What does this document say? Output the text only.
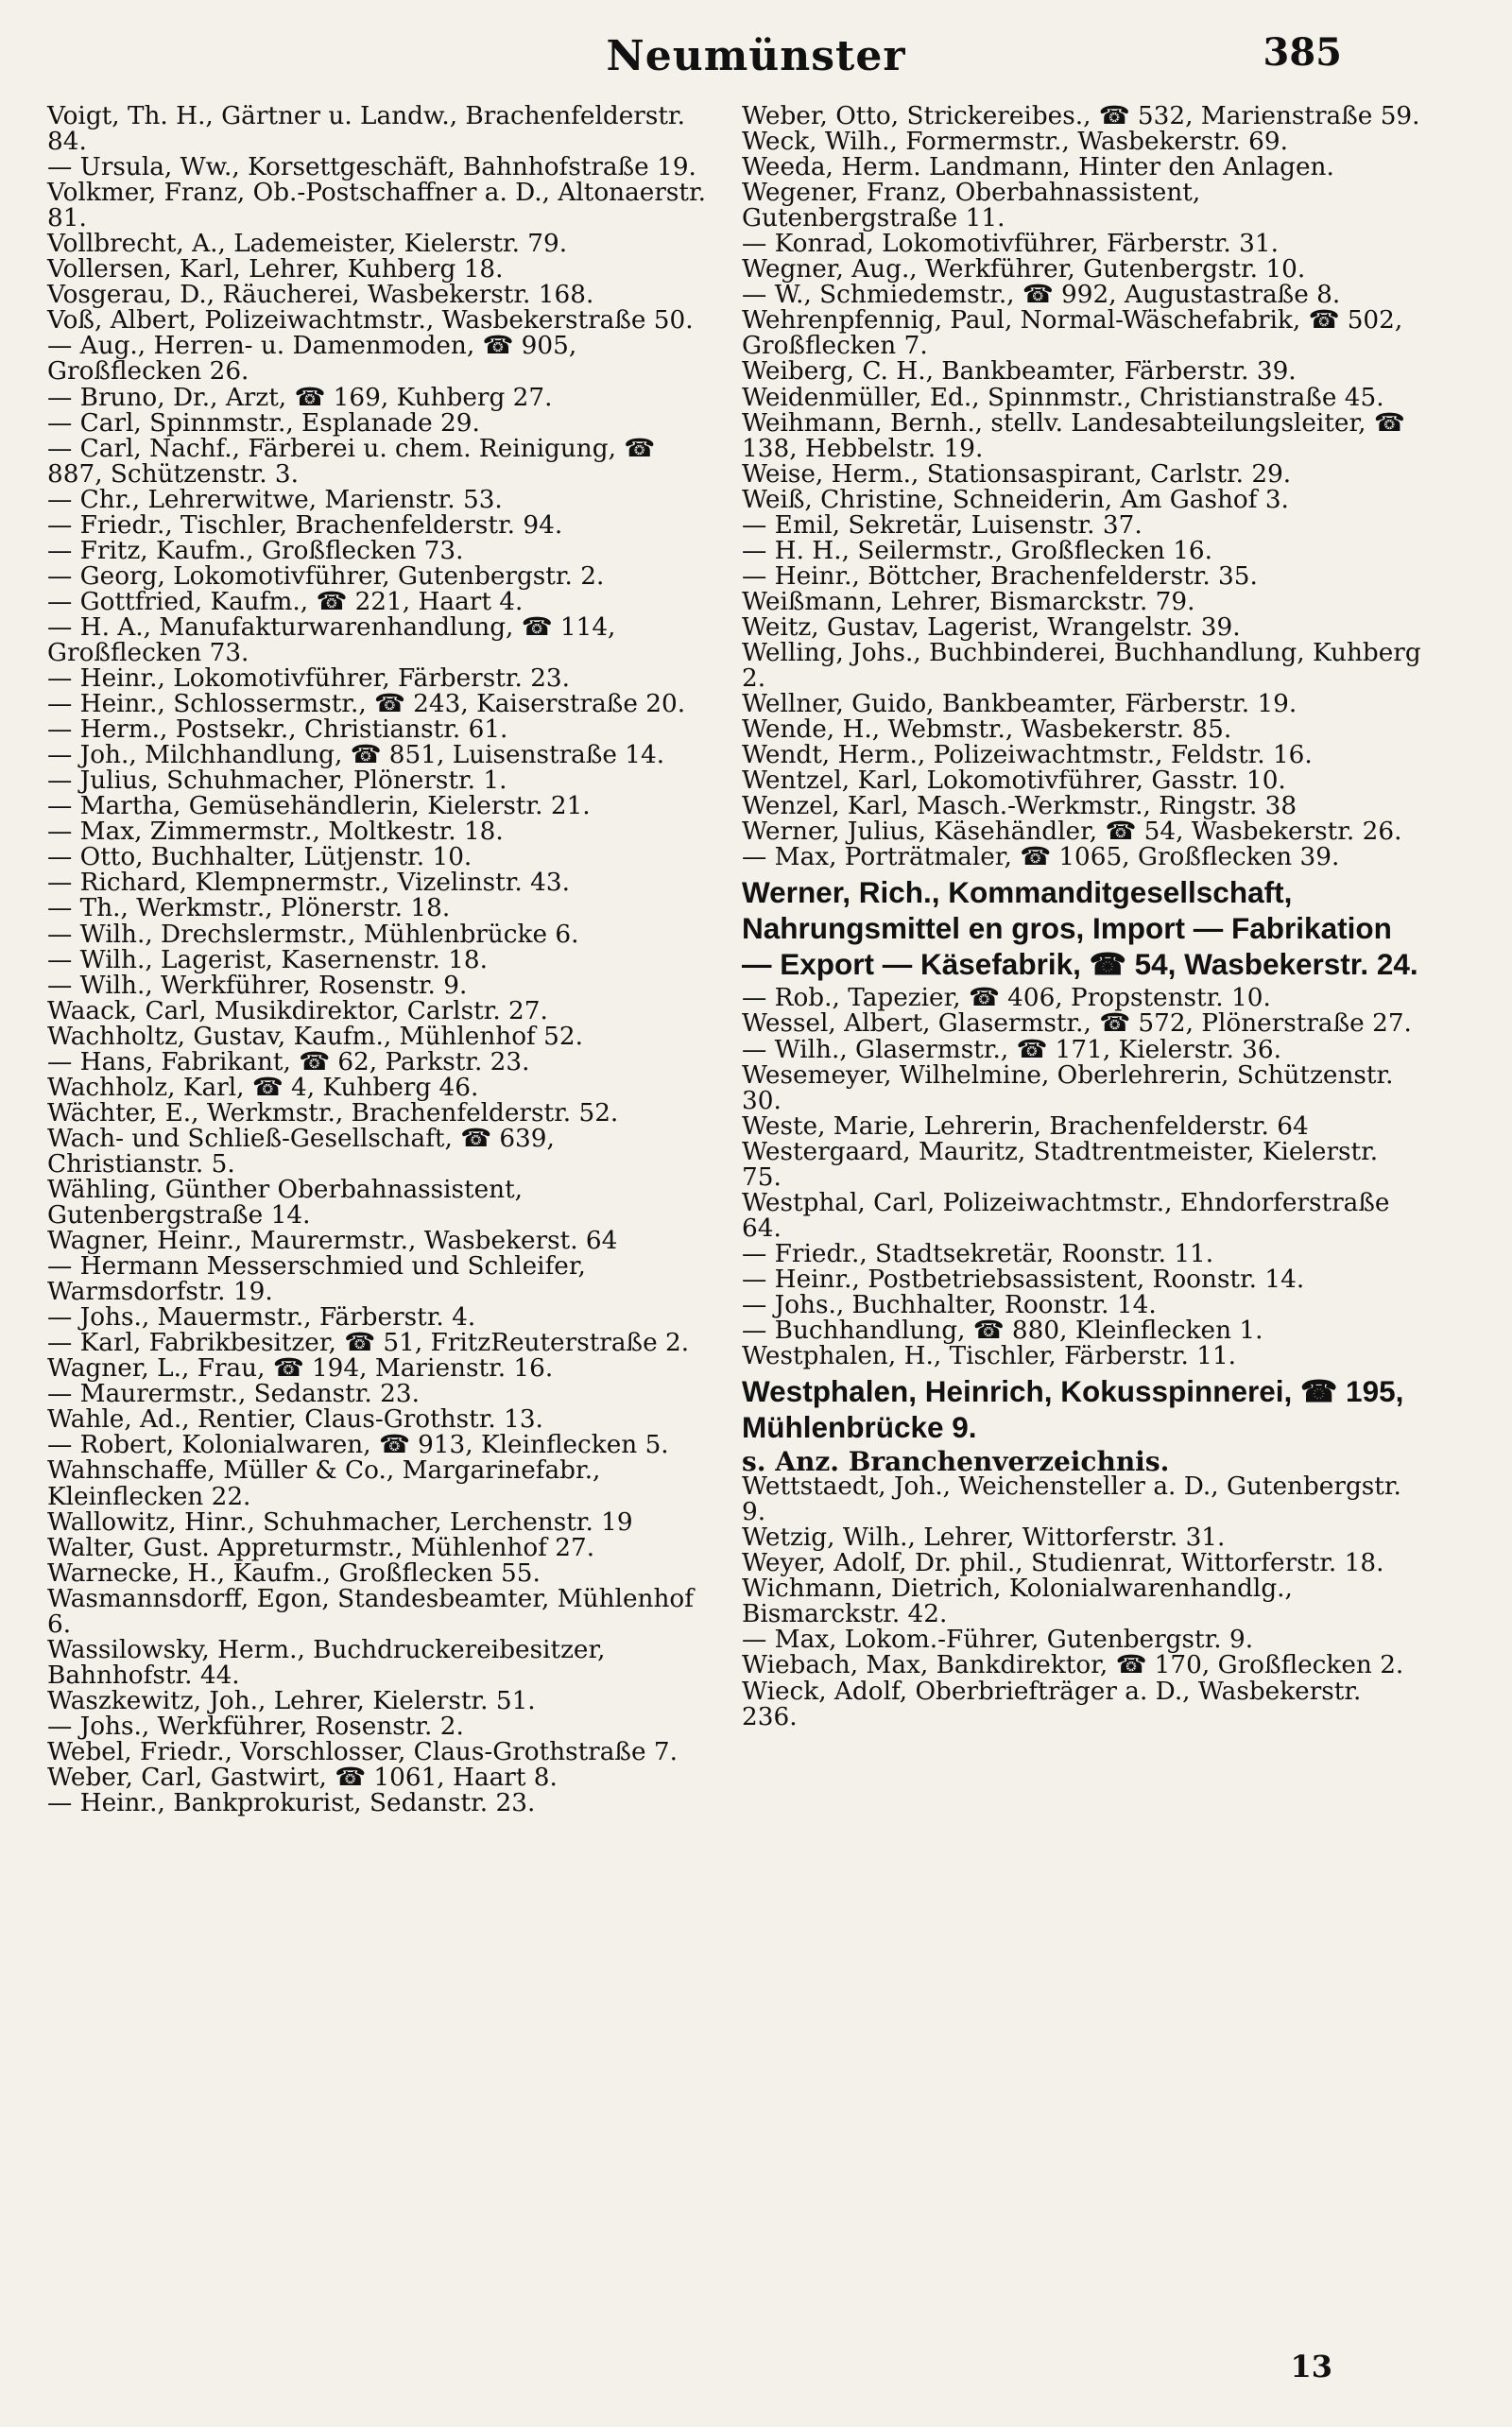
Neumünster	385
Voigt, Th. H., Gärtner u. Landw., Brachenfelderstr. 84.
— Ursula, Ww., Korsettgeschäft, Bahnhofstraße 19.
Volkmer, Franz, Ob.-Postschaffner a. D., Altonaerstr. 81.
Vollbrecht, A., Lademeister, Kielerstr. 79.
Vollersen, Karl, Lehrer, Kuhberg 18.
Vosgerau, D., Räucherei, Wasbekerstr. 168.
Voß, Albert, Polizeiwachtmstr., Wasbekerstraße 50.
— Aug., Herren- u. Damenmoden, ☎ 905, Großflecken 26.
— Bruno, Dr., Arzt, ☎ 169, Kuhberg 27.
— Carl, Spinnmstr., Esplanade 29.
— Carl, Nachf., Färberei u. chem. Reinigung, ☎ 887, Schützenstr. 3.
— Chr., Lehrerwitwe, Marienstr. 53.
— Friedr., Tischler, Brachenfelderstr. 94.
— Fritz, Kaufm., Großflecken 73.
— Georg, Lokomotivführer, Gutenbergstr. 2.
— Gottfried, Kaufm., ☎ 221, Haart 4.
— H. A., Manufakturwarenhandlung, ☎ 114, Großflecken 73.
— Heinr., Lokomotivführer, Färberstr. 23.
— Heinr., Schlossermstr., ☎ 243, Kaiserstraße 20.
— Herm., Postsekr., Christianstr. 61.
— Joh., Milchhandlung, ☎ 851, Luisenstraße 14.
— Julius, Schuhmacher, Plönerstr. 1.
— Martha, Gemüsehändlerin, Kielerstr. 21.
— Max, Zimmermstr., Moltkestr. 18.
— Otto, Buchhalter, Lütjenstr. 10.
— Richard, Klempnermstr., Vizelinstr. 43.
— Th., Werkmstr., Plönerstr. 18.
— Wilh., Drechslermstr., Mühlenbrücke 6.
— Wilh., Lagerist, Kasernenstr. 18.
— Wilh., Werkführer, Rosenstr. 9.
Waack, Carl, Musikdirektor, Carlstr. 27.
Wachholtz, Gustav, Kaufm., Mühlenhof 52.
— Hans, Fabrikant, ☎ 62, Parkstr. 23.
Wachholz, Karl, ☎ 4, Kuhberg 46.
Wächter, E., Werkmstr., Brachenfelderstr. 52.
Wach- und Schließ-Gesellschaft, ☎ 639, Christianstr. 5.
Wähling, Günther Oberbahnassistent, Gutenbergstraße 14.
Wagner, Heinr., Maurermstr., Wasbekerst. 64
— Hermann Messerschmied und Schleifer, Warmsdorfstr. 19.
— Johs., Mauermstr., Färberstr. 4.
— Karl, Fabrikbesitzer, ☎ 51, FritzReuterstraße 2.
Wagner, L., Frau, ☎ 194, Marienstr. 16.
— Maurermstr., Sedanstr. 23.
Wahle, Ad., Rentier, Claus-Grothstr. 13.
— Robert, Kolonialwaren, ☎ 913, Kleinflecken 5.
Wahnschaffe, Müller & Co., Margarinefabr., Kleinflecken 22.
Wallowitz, Hinr., Schuhmacher, Lerchenstr. 19
Walter, Gust. Appreturmstr., Mühlenhof 27.
Warnecke, H., Kaufm., Großflecken 55.
Wasmannsdorff, Egon, Standesbeamter, Mühlenhof 6.
Wassilowsky, Herm., Buchdruckereibesitzer, Bahnhofstr. 44.
Waszkewitz, Joh., Lehrer, Kielerstr. 51.
— Johs., Werkführer, Rosenstr. 2.
Webel, Friedr., Vorschlosser, Claus-Grothstraße 7.
Weber, Carl, Gastwirt, ☎ 1061, Haart 8.
— Heinr., Bankprokurist, Sedanstr. 23.
Weber, Otto, Strickereibes., ☎ 532, Marienstraße 59.
Weck, Wilh., Formermstr., Wasbekerstr. 69.
Weeda, Herm. Landmann, Hinter den Anlagen.
Wegener, Franz, Oberbahnassistent, Gutenbergstraße 11.
— Konrad, Lokomotivführer, Färberstr. 31.
Wegner, Aug., Werkführer, Gutenbergstr. 10.
— W., Schmiedemstr., ☎ 992, Augustastraße 8.
Wehrenpfennig, Paul, Normal-Wäschefabrik, ☎ 502, Großflecken 7.
Weiberg, C. H., Bankbeamter, Färberstr. 39.
Weidenmüller, Ed., Spinnmstr., Christianstraße 45.
Weihmann, Bernh., stellv. Landesabteilungsleiter, ☎ 138, Hebbelstr. 19.
Weise, Herm., Stationsaspirant, Carlstr. 29.
Weiß, Christine, Schneiderin, Am Gashof 3.
— Emil, Sekretär, Luisenstr. 37.
— H. H., Seilermstr., Großflecken 16.
— Heinr., Böttcher, Brachenfelderstr. 35.
Weißmann, Lehrer, Bismarckstr. 79.
Weitz, Gustav, Lagerist, Wrangelstr. 39.
Welling, Johs., Buchbinderei, Buchhandlung, Kuhberg 2.
Wellner, Guido, Bankbeamter, Färberstr. 19.
Wende, H., Webmstr., Wasbekerstr. 85.
Wendt, Herm., Polizeiwachtmstr., Feldstr. 16.
Wentzel, Karl, Lokomotivführer, Gasstr. 10.
Wenzel, Karl, Masch.-Werkmstr., Ringstr. 38
Werner, Julius, Käsehändler, ☎ 54, Wasbekerstr. 26.
— Max, Porträtmaler, ☎ 1065, Großflecken 39.
Werner, Rich., Kommanditgesellschaft, Nahrungsmittel en gros, Import — Fabrikation — Export — Käsefabrik, ☎ 54, Wasbekerstr. 24.
— Rob., Tapezier, ☎ 406, Propstenstr. 10.
Wessel, Albert, Glasermstr., ☎ 572, Plönerstraße 27.
— Wilh., Glasermstr., ☎ 171, Kielerstr. 36.
Wesemeyer, Wilhelmine, Oberlehrerin, Schützenstr. 30.
Weste, Marie, Lehrerin, Brachenfelderstr. 64
Westergaard, Mauritz, Stadtrentmeister, Kielerstr. 75.
Westphal, Carl, Polizeiwachtmstr., Ehndorferstraße 64.
— Friedr., Stadtsekretär, Roonstr. 11.
— Heinr., Postbetriebsassistent, Roonstr. 14.
— Johs., Buchhalter, Roonstr. 14.
— Buchhandlung, ☎ 880, Kleinflecken 1.
Westphalen, H., Tischler, Färberstr. 11.
Westphalen, Heinrich, Kokusspinnerei, ☎ 195, Mühlenbrücke 9.
s. Anz. Branchenverzeichnis.
Wettstaedt, Joh., Weichensteller a. D., Gutenbergstr. 9.
Wetzig, Wilh., Lehrer, Wittorferstr. 31.
Weyer, Adolf, Dr. phil., Studienrat, Wittorferstr. 18.
Wichmann, Dietrich, Kolonialwarenhandlg., Bismarckstr. 42.
— Max, Lokom.-Führer, Gutenbergstr. 9.
Wiebach, Max, Bankdirektor, ☎ 170, Großflecken 2.
Wieck, Adolf, Oberbriefträger a. D., Wasbekerstr. 236.
13
